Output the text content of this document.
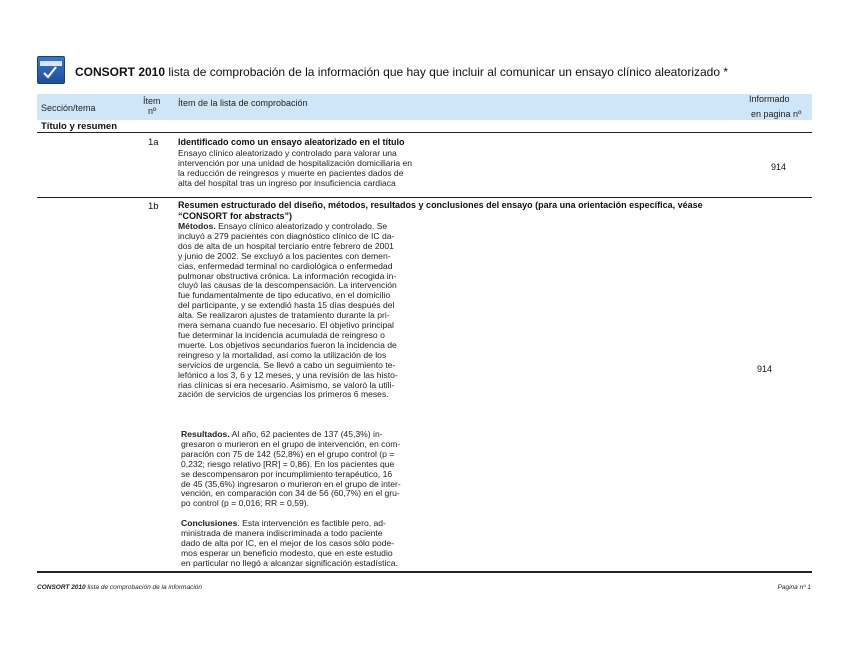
CONSORT 2010 lista de comprobación de la información que hay que incluir al comunicar un ensayo clínico aleatorizado *
Sección/tema
Ítem
nº
Ítem de la lista de comprobación	Informado
en pagina nº
Título y resumen
1a Identificado como un ensayo aleatorizado en el título
Ensayo clínico aleatorizado y controlado para valorar una
intervención por una unidad de hospitalización domiciliaria en
la reducción de reingresos y muerte en pacientes dados de
alta del hospital tras un ingreso por insuficiencia cardiaca
914
1b Resumen estructurado del diseño, métodos, resultados y conclusiones del ensayo (para una orientación específica, véase
“CONSORT for abstracts”)
Métodos. Ensayo clínico aleatorizado y controlado. Se
incluyó a 279 pacientes con diagnóstico clínico de IC da-
dos de alta de un hospital terciario entre febrero de 2001
y junio de 2002. Se excluyó a los pacientes con demen-
cias, enfermedad terminal no cardiológica o enfermedad
pulmonar obstructiva crónica. La información recogida in-
cluyó las causas de la descompensación. La intervención
fue fundamentalmente de tipo educativo, en el domicilio
del participante, y se extendió hasta 15 días después del
alta. Se realizaron ajustes de tratamiento durante la pri-
mera semana cuando fue necesario. El objetivo principal
fue determinar la incidencia acumulada de reingreso o
muerte. Los objetivos secundarios fueron la incidencia de
reingreso y la mortalidad, así como la utilización de los
servicios de urgencia. Se llevó a cabo un seguimiento te-
lefónico a los 3, 6 y 12 meses, y una revisión de las histo-
rias clínicas si era necesario. Asimismo, se valoró la utili-
zación de servicios de urgencias los primeros 6 meses.
Resultados. Al año, 62 pacientes de 137 (45,3%) in-
gresaron o murieron en el grupo de intervención, en com-
paración con 75 de 142 (52,8%) en el grupo control (p =
0,232; riesgo relativo [RR] = 0,86). En los pacientes que
se descompensaron por incumplimiento terapéutico, 16
de 45 (35,6%) ingresaron o murieron en el grupo de inter-
vención, en comparación con 34 de 56 (60,7%) en el gru-
po control (p = 0,016; RR = 0,59).
Conclusiones. Esta intervención es factible pero, ad-
ministrada de manera indiscriminada a todo paciente
dado de alta por IC, en el mejor de los casos sólo pode-
mos esperar un beneficio modesto, que en este estudio
en particular no llegó a alcanzar significación estadística.
914
CONSORT 2010 lista de comprobación de la información	Pagina nº 1
